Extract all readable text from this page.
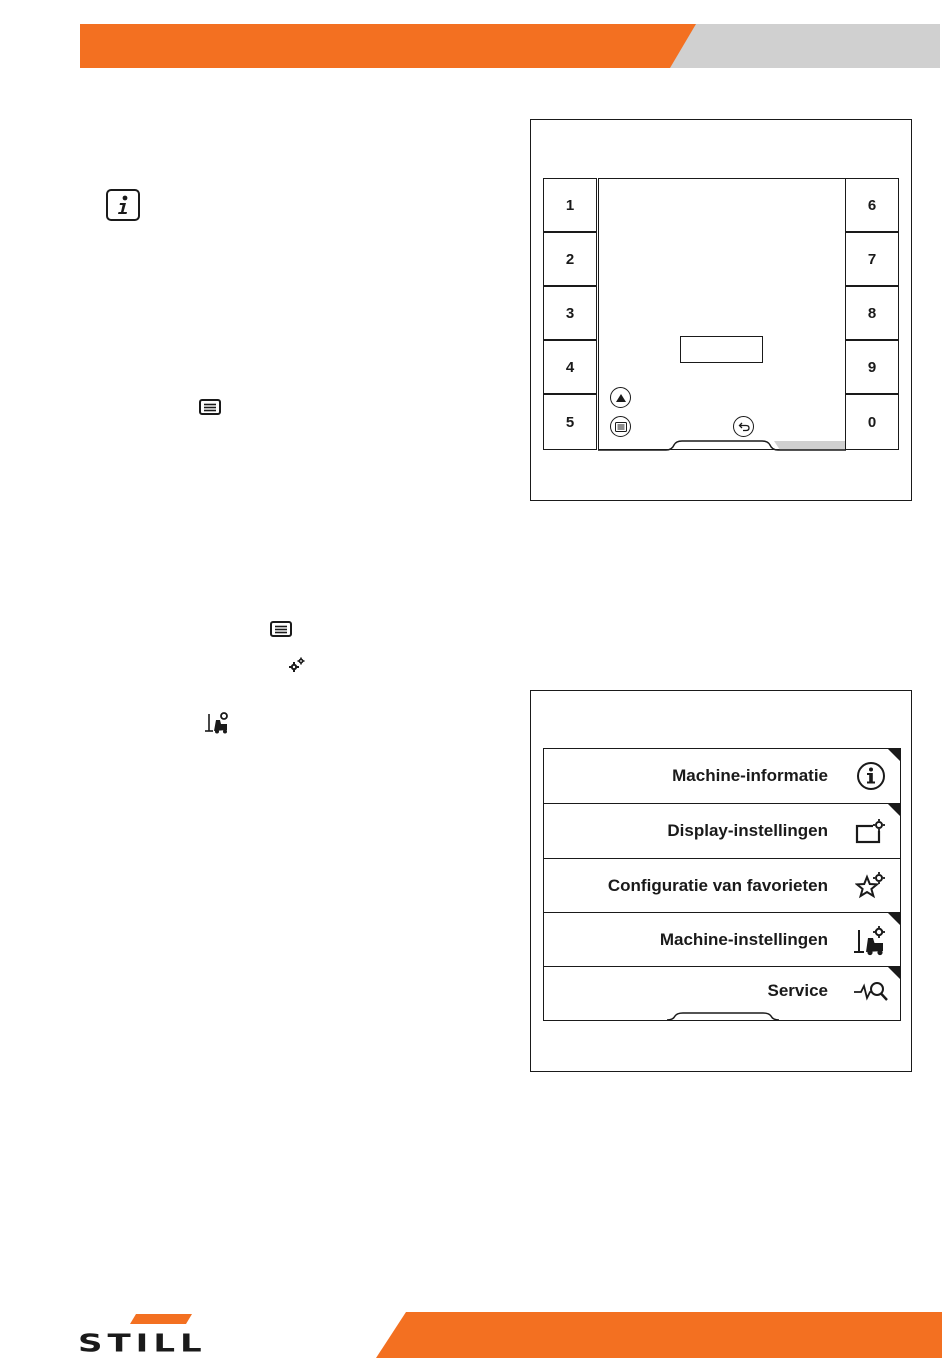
1
2
3
4
5
6
7
8
9
0
Machine-informatie
Display-instellingen
Configuratie van favorieten
Machine-instellingen
Service
STILL
